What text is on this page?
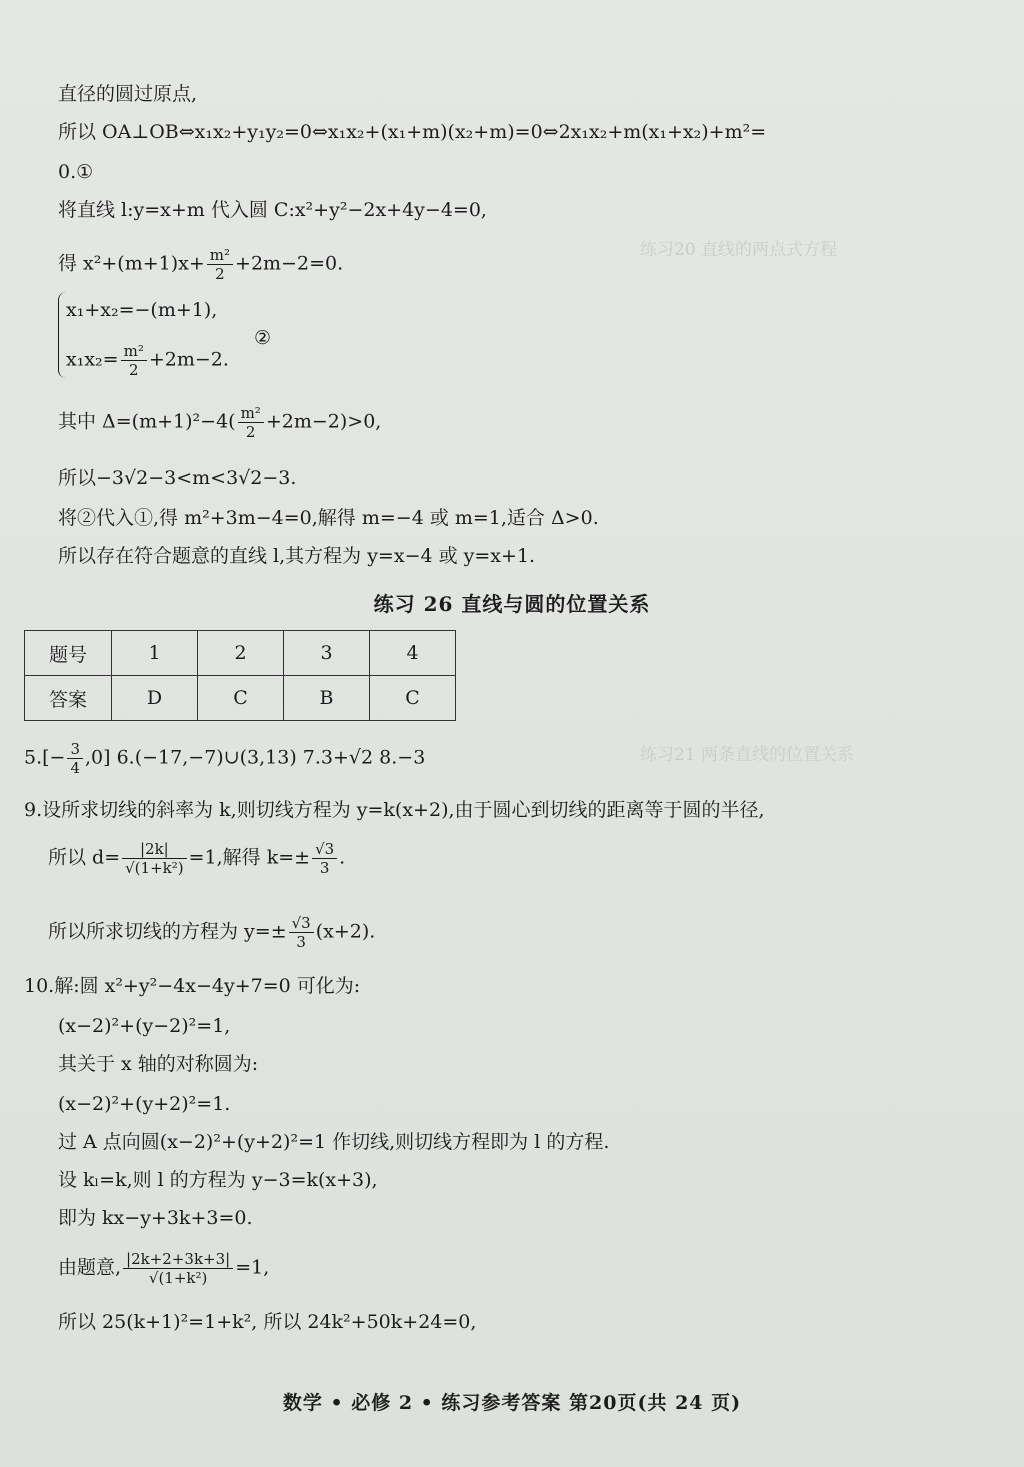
练习20 直线的两点式方程
练习21 两条直线的位置关系
直径的圆过原点,
所以 OA⊥OB⇔x₁x₂+y₁y₂=0⇔x₁x₂+(x₁+m)(x₂+m)=0⇔2x₁x₂+m(x₁+x₂)+m²=
0.①
将直线 l:y=x+m 代入圆 C:x²+y²−2x+4y−4=0,
得 $x^2+(m+1)x+ \frac{\text{m²}}{2} +2m-2=0$.
x₁+x₂=−(m+1),
$x_1x_2= \frac{\text{m²}}{2} +2m-2$.
②
其中 $\Delta=(m+1)^2-4( \frac{\text{m²}}{2} +2m-2)>0$,
所以−3√2−3<m<3√2−3.
将②代入①,得 m²+3m−4=0,解得 m=−4 或 m=1,适合 Δ>0.
所以存在符合题意的直线 l,其方程为 y=x−4 或 y=x+1.
练习 26 直线与圆的位置关系
题号	1	2	3	4
答案	D	C	B	C
$5.[- \frac{3}{4} ,0]$ 6.(−17,−7)∪(3,13) 7.3+√2 8.−3
9.设所求切线的斜率为 k,则切线方程为 y=k(x+2),由于圆心到切线的距离等于圆的半径,
所以 $d= \frac{|2k|}{\text{√(1+k²)}} =1$,解得 $k=\pm \frac{√3}{3}$ .
所以所求切线的方程为 $y=\pm \frac{√3}{3} (x+2)$.
10.解:圆 x²+y²−4x−4y+7=0 可化为:
(x−2)²+(y−2)²=1,
其关于 x 轴的对称圆为:
(x−2)²+(y+2)²=1.
过 A 点向圆(x−2)²+(y+2)²=1 作切线,则切线方程即为 l 的方程.
设 kₗ=k,则 l 的方程为 y−3=k(x+3),
即为 kx−y+3k+3=0.
由题意, $\frac{|2k+2+3k+3|}{\text{√(1+k²)}} =1$,
所以 25(k+1)²=1+k², 所以 24k²+50k+24=0,
数学 • 必修 2 • 练习参考答案 第20页(共 24 页)
